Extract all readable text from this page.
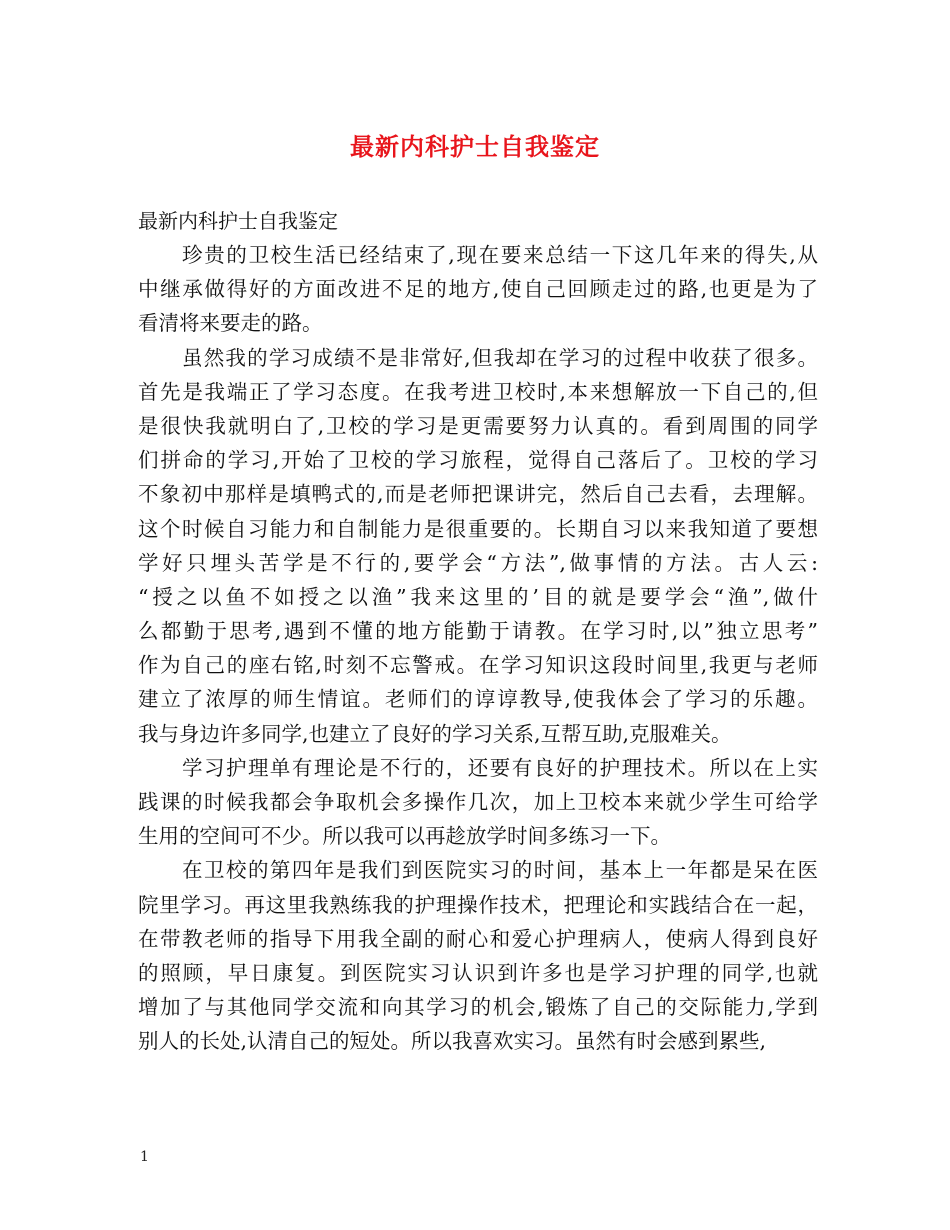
最新内科护士自我鉴定
最新内科护士自我鉴定
珍贵的卫校生活已经结束了,现在要来总结一下这几年来的得失,从
中继承做得好的方面改进不足的地方,使自己回顾走过的路,也更是为了
看清将来要走的路。
虽然我的学习成绩不是非常好,但我却在学习的过程中收获了很多。
首先是我端正了学习态度。在我考进卫校时,本来想解放一下自己的,但
是很快我就明白了,卫校的学习是更需要努力认真的。看到周围的同学
们拼命的学习,开始了卫校的学习旅程，觉得自己落后了。卫校的学习
不象初中那样是填鸭式的,而是老师把课讲完，然后自己去看，去理解。
这个时候自习能力和自制能力是很重要的。长期自习以来我知道了要想
学好只埋头苦学是不行的,要学会“方法”,做事情的方法。古人云:
“授之以鱼不如授之以渔”我来这里的’目的就是要学会“渔”,做什
么都勤于思考,遇到不懂的地方能勤于请教。在学习时,以”独立思考”
作为自己的座右铭,时刻不忘警戒。在学习知识这段时间里,我更与老师
建立了浓厚的师生情谊。老师们的谆谆教导,使我体会了学习的乐趣。
我与身边许多同学,也建立了良好的学习关系,互帮互助,克服难关。
学习护理单有理论是不行的，还要有良好的护理技术。所以在上实
践课的时候我都会争取机会多操作几次，加上卫校本来就少学生可给学
生用的空间可不少。所以我可以再趁放学时间多练习一下。
在卫校的第四年是我们到医院实习的时间，基本上一年都是呆在医
院里学习。再这里我熟练我的护理操作技术，把理论和实践结合在一起，
在带教老师的指导下用我全副的耐心和爱心护理病人，使病人得到良好
的照顾，早日康复。到医院实习认识到许多也是学习护理的同学,也就
增加了与其他同学交流和向其学习的机会,锻炼了自己的交际能力,学到
别人的长处,认清自己的短处。所以我喜欢实习。虽然有时会感到累些,
1
